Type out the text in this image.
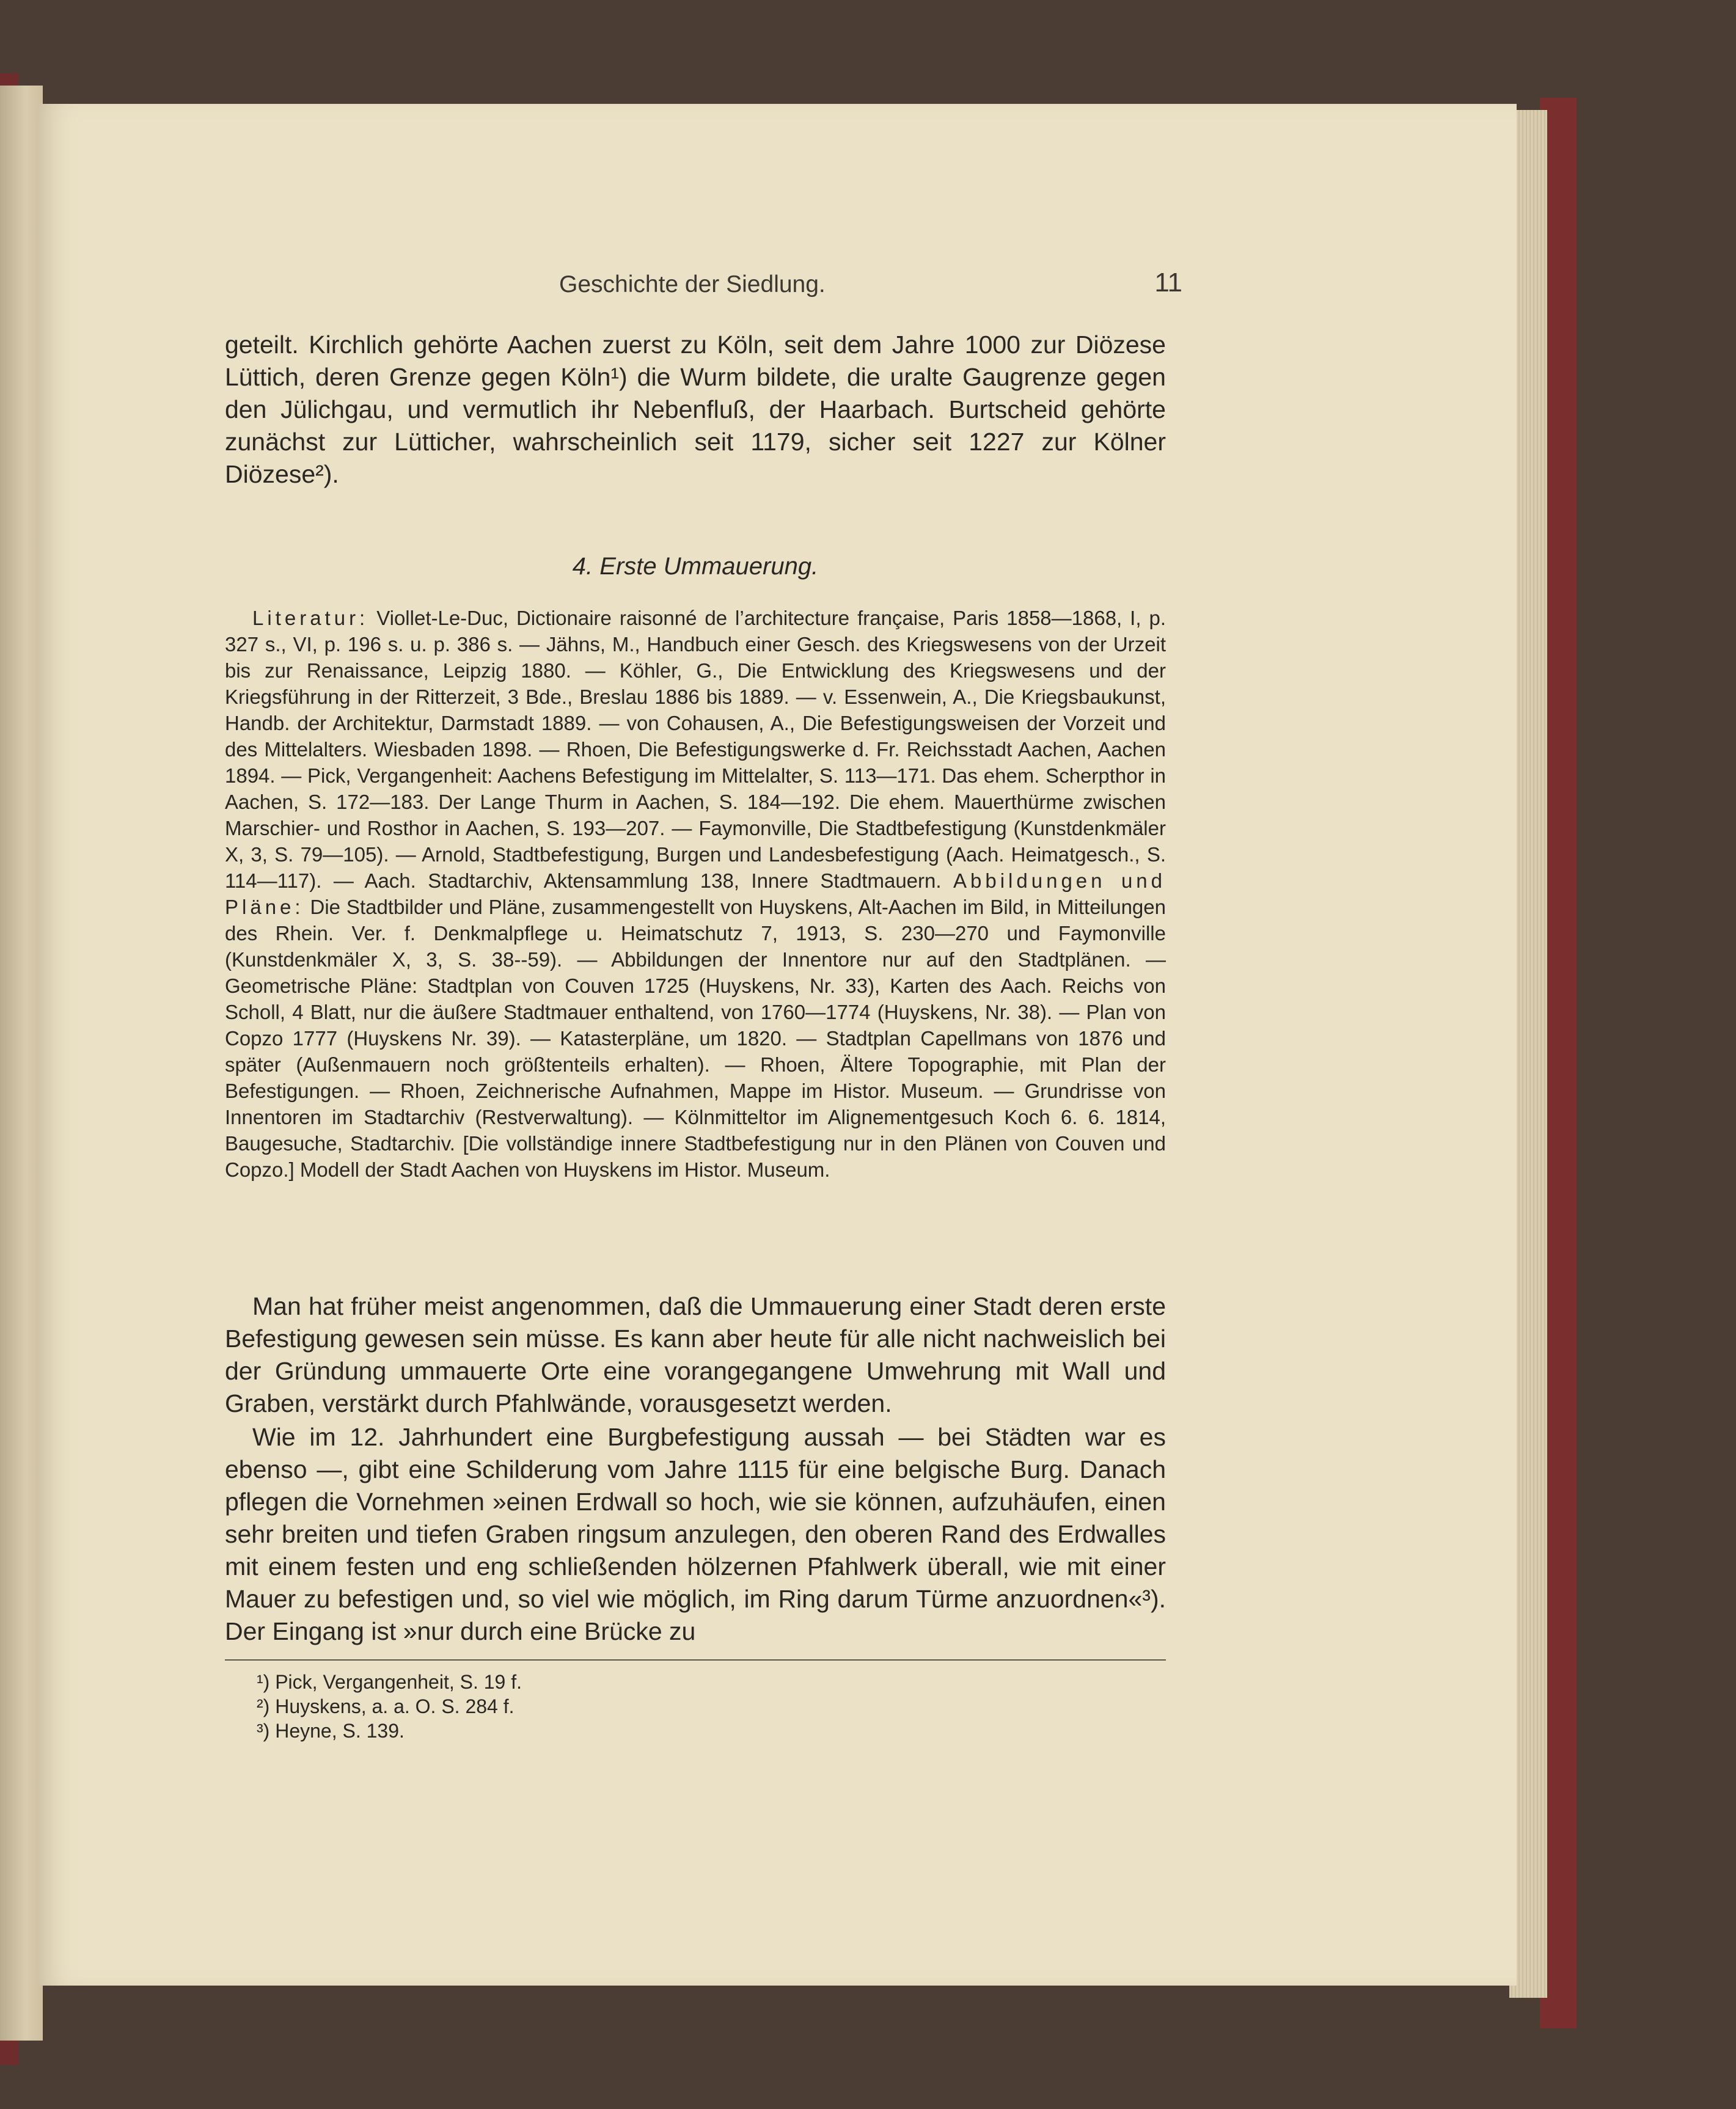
Geschichte der Siedlung.	11
geteilt. Kirchlich gehörte Aachen zuerst zu Köln, seit dem Jahre 1000 zur Diözese Lüttich, deren Grenze gegen Köln¹) die Wurm bildete, die uralte Gaugrenze gegen den Jülichgau, und vermutlich ihr Nebenfluß, der Haarbach. Burtscheid gehörte zunächst zur Lütticher, wahrscheinlich seit 1179, sicher seit 1227 zur Kölner Diözese²).
4. Erste Ummauerung.
Literatur: Viollet-Le-Duc, Dictionaire raisonné de l’architecture française, Paris 1858—1868, I, p. 327 s., VI, p. 196 s. u. p. 386 s. — Jähns, M., Handbuch einer Gesch. des Kriegswesens von der Urzeit bis zur Renaissance, Leipzig 1880. — Köhler, G., Die Entwicklung des Kriegswesens und der Kriegsführung in der Ritterzeit, 3 Bde., Breslau 1886 bis 1889. — v. Essenwein, A., Die Kriegsbaukunst, Handb. der Architektur, Darmstadt 1889. — von Cohausen, A., Die Befestigungsweisen der Vorzeit und des Mittelalters. Wiesbaden 1898. — Rhoen, Die Befestigungswerke d. Fr. Reichsstadt Aachen, Aachen 1894. — Pick, Vergangenheit: Aachens Befestigung im Mittelalter, S. 113—171. Das ehem. Scherpthor in Aachen, S. 172—183. Der Lange Thurm in Aachen, S. 184—192. Die ehem. Mauerthürme zwischen Marschier- und Rosthor in Aachen, S. 193—207. — Faymonville, Die Stadtbefestigung (Kunstdenkmäler X, 3, S. 79—105). — Arnold, Stadtbefestigung, Burgen und Landesbefestigung (Aach. Heimatgesch., S. 114—117). — Aach. Stadtarchiv, Aktensammlung 138, Innere Stadtmauern. Abbildungen und Pläne: Die Stadtbilder und Pläne, zusammengestellt von Huyskens, Alt-Aachen im Bild, in Mitteilungen des Rhein. Ver. f. Denkmalpflege u. Heimatschutz 7, 1913, S. 230—270 und Faymonville (Kunstdenkmäler X, 3, S. 38--59). — Abbildungen der Innentore nur auf den Stadtplänen. — Geometrische Pläne: Stadtplan von Couven 1725 (Huyskens, Nr. 33), Karten des Aach. Reichs von Scholl, 4 Blatt, nur die äußere Stadtmauer enthaltend, von 1760—1774 (Huyskens, Nr. 38). — Plan von Copzo 1777 (Huyskens Nr. 39). — Katasterpläne, um 1820. — Stadtplan Capellmans von 1876 und später (Außenmauern noch größtenteils erhalten). — Rhoen, Ältere Topographie, mit Plan der Befestigungen. — Rhoen, Zeichnerische Aufnahmen, Mappe im Histor. Museum. — Grundrisse von Innentoren im Stadtarchiv (Restverwaltung). — Kölnmitteltor im Alignementgesuch Koch 6. 6. 1814, Baugesuche, Stadtarchiv. [Die vollständige innere Stadtbefestigung nur in den Plänen von Couven und Copzo.] Modell der Stadt Aachen von Huyskens im Histor. Museum.
Man hat früher meist angenommen, daß die Ummauerung einer Stadt deren erste Befestigung gewesen sein müsse. Es kann aber heute für alle nicht nachweislich bei der Gründung ummauerte Orte eine vorangegangene Umwehrung mit Wall und Graben, verstärkt durch Pfahlwände, vorausgesetzt werden.
Wie im 12. Jahrhundert eine Burgbefestigung aussah — bei Städten war es ebenso —, gibt eine Schilderung vom Jahre 1115 für eine belgische Burg. Danach pflegen die Vornehmen »einen Erdwall so hoch, wie sie können, aufzuhäufen, einen sehr breiten und tiefen Graben ringsum anzulegen, den oberen Rand des Erdwalles mit einem festen und eng schließenden hölzernen Pfahlwerk überall, wie mit einer Mauer zu befestigen und, so viel wie möglich, im Ring darum Türme anzuordnen«³). Der Eingang ist »nur durch eine Brücke zu
¹) Pick, Vergangenheit, S. 19 f.
²) Huyskens, a. a. O. S. 284 f.
³) Heyne, S. 139.
